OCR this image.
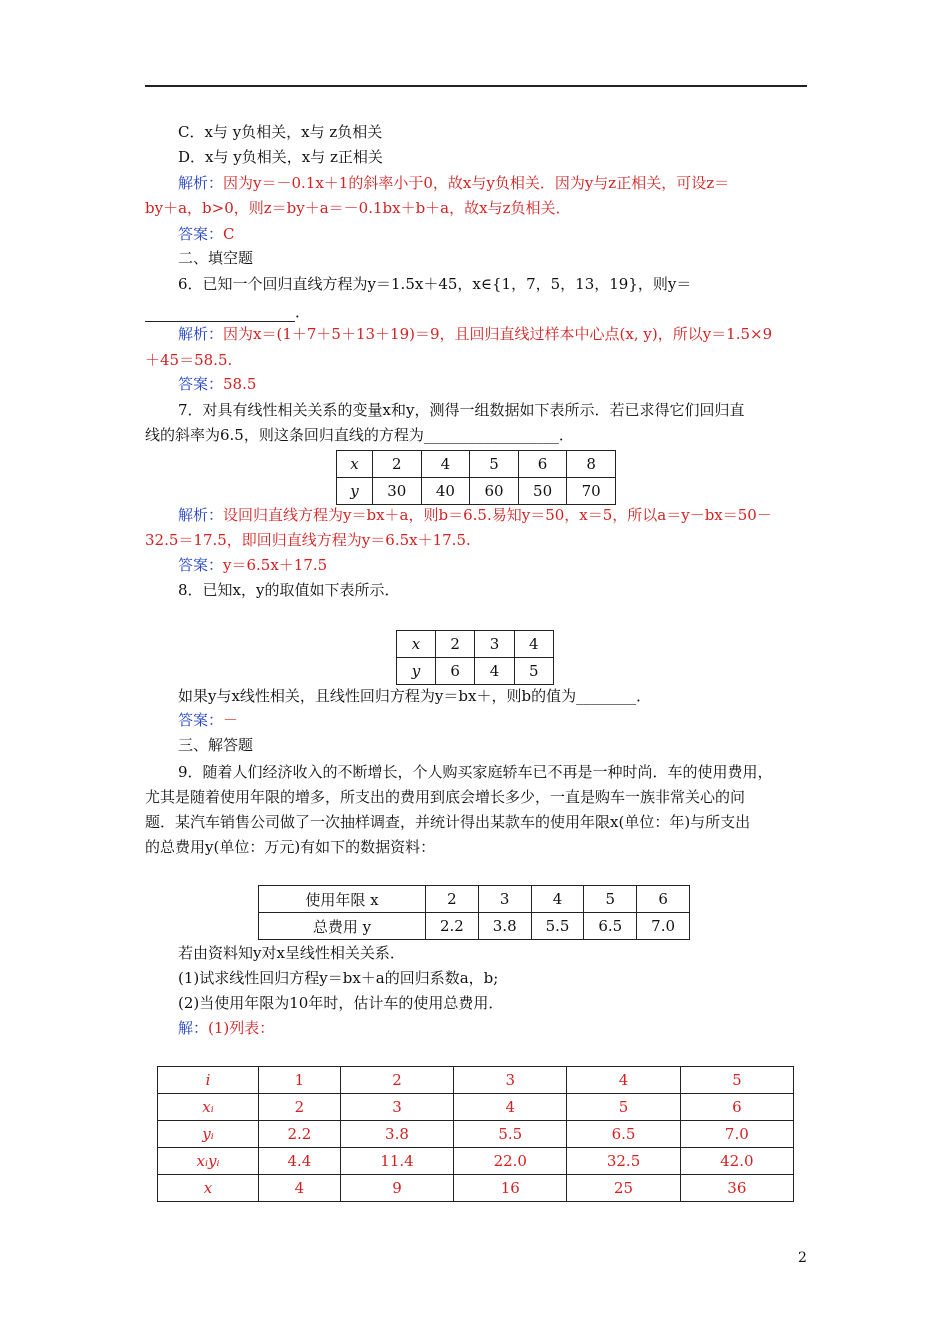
C．x与 y负相关，x与 z负相关
D．x与 y负相关，x与 z正相关
解析：因为y＝－0.1x＋1的斜率小于0，故x与y负相关．因为y与z正相关，可设z＝
by＋a，b>0，则z＝by＋a＝－0.1bx＋b＋a，故x与z负相关．
答案：C
二、填空题
6．已知一个回归直线方程为y＝1.5x＋45，x∈{1，7，5，13，19}，则y＝
．
解析：因为x＝(1＋7＋5＋13＋19)＝9，且回归直线过样本中心点(x, y)，所以y＝1.5×9
＋45＝58.5.
答案：58.5
7．对具有线性相关关系的变量x和y，测得一组数据如下表所示．若已求得它们回归直
线的斜率为6.5，则这条回归直线的方程为__________________．
x	2	4	5	6	8
y	30	40	60	50	70
解析：设回归直线方程为y＝bx＋a，则b＝6.5.易知y＝50，x＝5，所以a＝y－bx＝50－
32.5＝17.5，即回归直线方程为y＝6.5x＋17.5.
答案：y＝6.5x＋17.5
8．已知x，y的取值如下表所示．
x	2	3	4
y	6	4	5
如果y与x线性相关，且线性回归方程为y＝bx＋，则b的值为________．
答案：－
三、解答题
9．随着人们经济收入的不断增长，个人购买家庭轿车已不再是一种时尚．车的使用费用，
尤其是随着使用年限的增多，所支出的费用到底会增长多少，一直是购车一族非常关心的问
题．某汽车销售公司做了一次抽样调查，并统计得出某款车的使用年限x(单位：年)与所支出
的总费用y(单位：万元)有如下的数据资料：
使用年限 x	2	3	4	5	6
总费用 y	2.2	3.8	5.5	6.5	7.0
若由资料知y对x呈线性相关关系．
(1)试求线性回归方程y＝bx＋a的回归系数a，b;
(2)当使用年限为10年时，估计车的使用总费用．
解：(1)列表：
i	1	2	3	4	5
xᵢ	2	3	4	5	6
yᵢ	2.2	3.8	5.5	6.5	7.0
xᵢyᵢ	4.4	11.4	22.0	32.5	42.0
x	4	9	16	25	36
2
